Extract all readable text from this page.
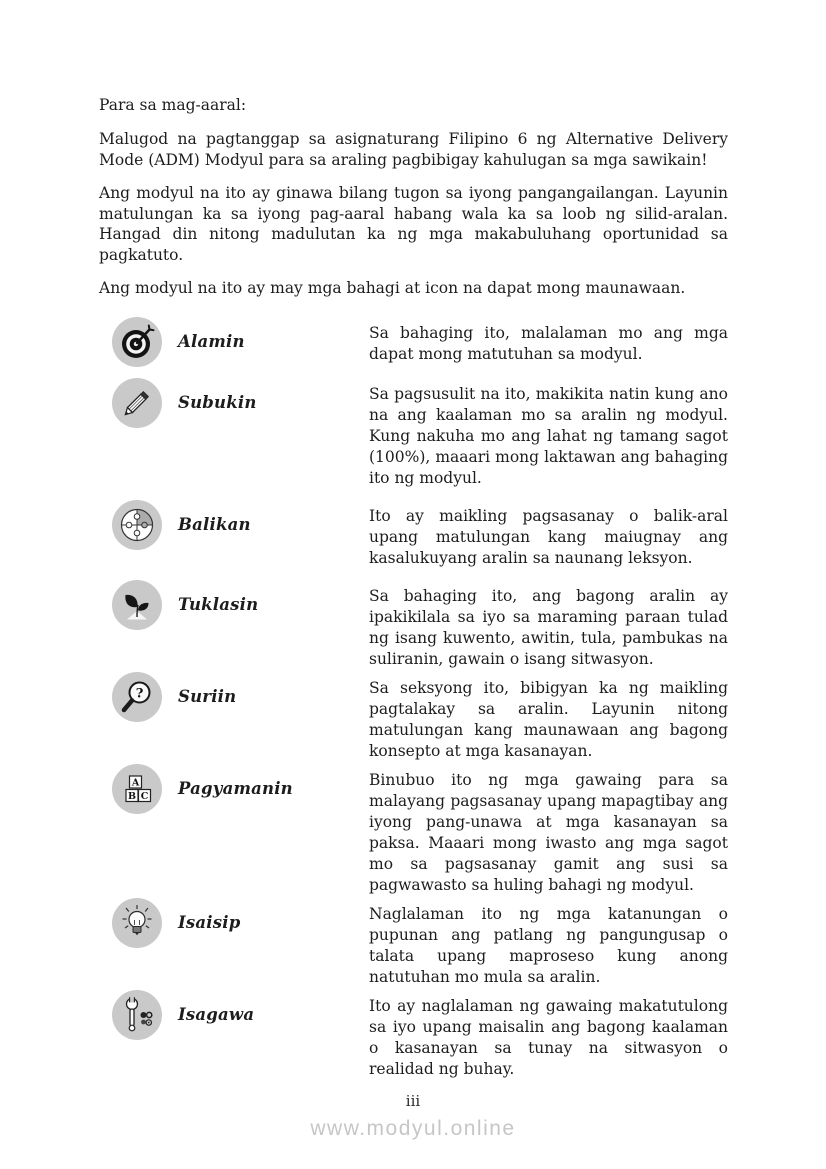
Para sa mag-aaral:

Malugod na pagtanggap sa asignaturang Filipino 6 ng Alternative Delivery Mode (ADM) Modyul para sa araling pagbibigay kahulugan sa mga sawikain!

Ang modyul na ito ay ginawa bilang tugon sa iyong pangangailangan. Layunin matulungan ka sa iyong pag-aaral habang wala ka sa loob ng silid-aralan. Hangad din nitong madulutan ka ng mga makabuluhang oportunidad sa pagkatuto.

Ang modyul na ito ay may mga bahagi at icon na dapat mong maunawaan.

Alamin	Sa bahaging ito, malalaman mo ang mga dapat mong matutuhan sa modyul.
Subukin	Sa pagsusulit na ito, makikita natin kung ano na ang kaalaman mo sa aralin ng modyul. Kung nakuha mo ang lahat ng tamang sagot (100%), maaari mong laktawan ang bahaging ito ng modyul.
Balikan	Ito ay maikling pagsasanay o balik-aral upang matulungan kang maiugnay ang kasalukuyang aralin sa naunang leksyon.
Tuklasin	Sa bahaging ito, ang bagong aralin ay ipakikilala sa iyo sa maraming paraan tulad ng isang kuwento, awitin, tula, pambukas na suliranin, gawain o isang sitwasyon.
? Suriin	Sa seksyong ito, bibigyan ka ng maikling pagtalakay sa aralin. Layunin nitong matulungan kang maunawaan ang bagong konsepto at mga kasanayan.
A
B C Pagyamanin	Binubuo ito ng mga gawaing para sa malayang pagsasanay upang mapagtibay ang iyong pang-unawa at mga kasanayan sa paksa. Maaari mong iwasto ang mga sagot mo sa pagsasanay gamit ang susi sa pagwawasto sa huling bahagi ng modyul.
Isaisip	Naglalaman ito ng mga katanungan o pupunan ang patlang ng pangungusap o talata upang maproseso kung anong natutuhan mo mula sa aralin.
Isagawa	Ito ay naglalaman ng gawaing makatutulong sa iyo upang maisalin ang bagong kaalaman o kasanayan sa tunay na sitwasyon o realidad ng buhay.
iii
www.modyul.online
